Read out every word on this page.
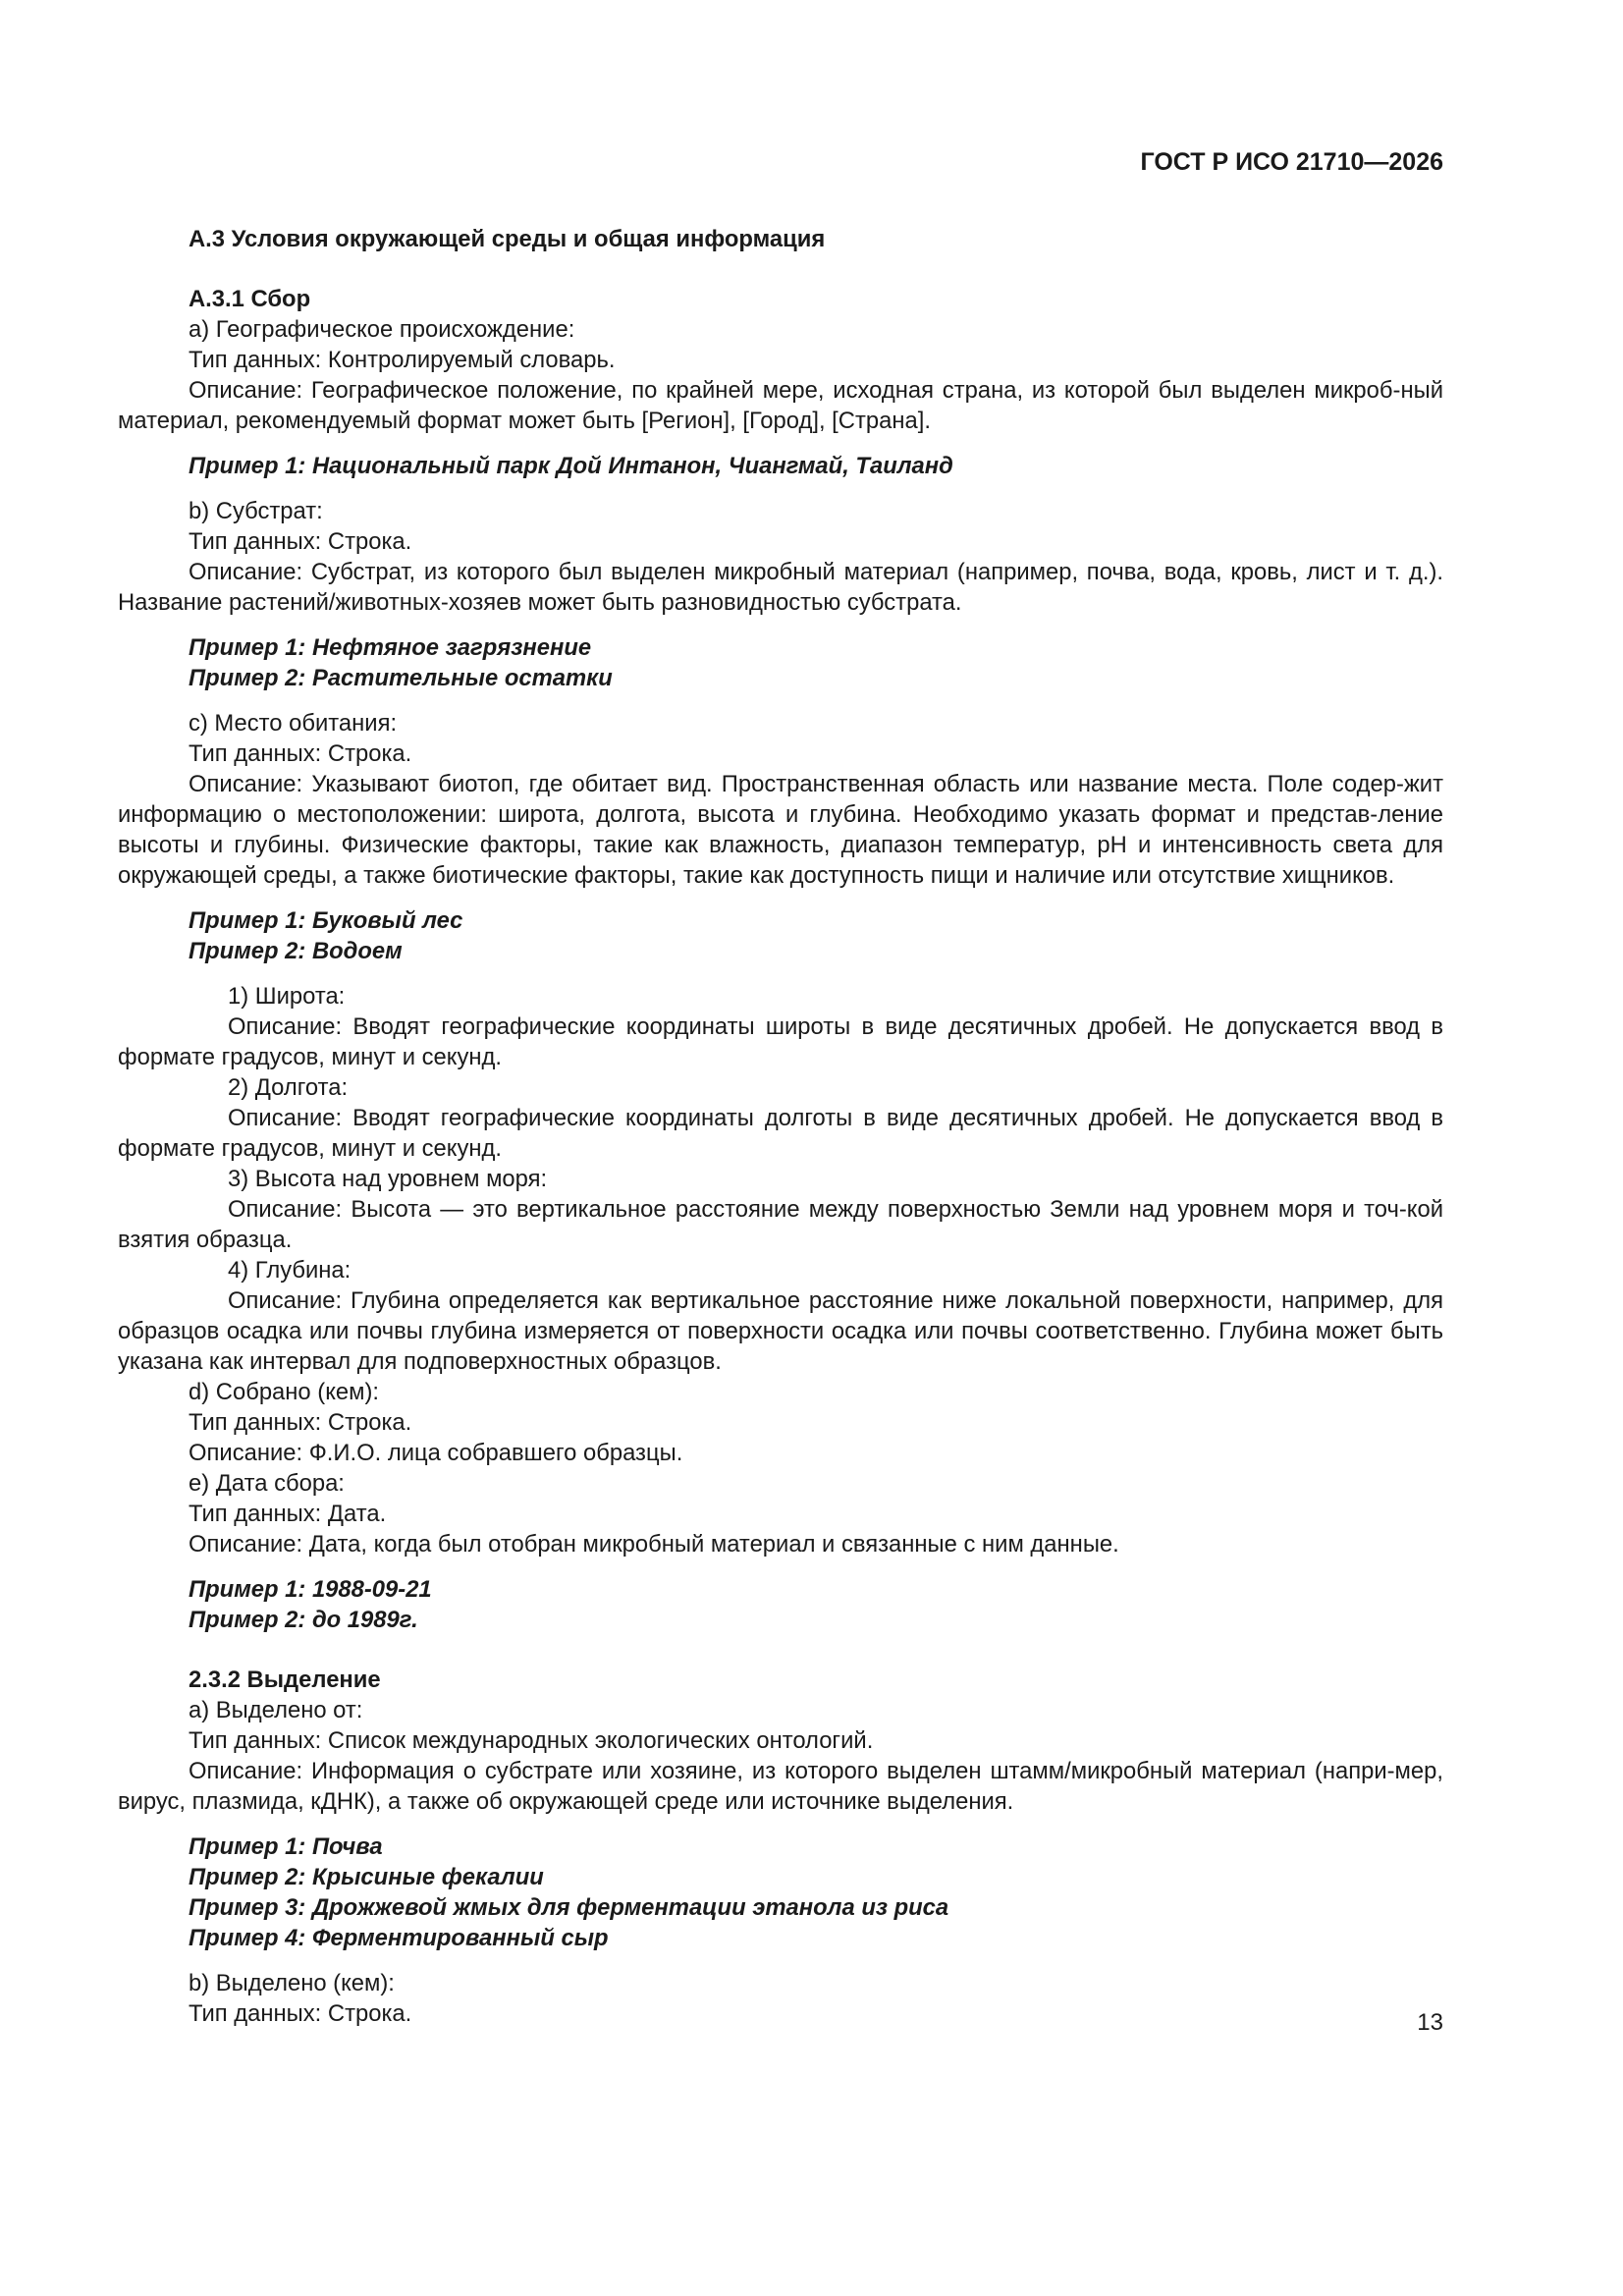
ГОСТ Р ИСО 21710—2026

А.3 Условия окружающей среды и общая информация

А.3.1 Сбор

а) Географическое происхождение:

Тип данных: Контролируемый словарь.

Описание: Географическое положение, по крайней мере, исходная страна, из которой был выделен микроб-ный материал, рекомендуемый формат может быть [Регион], [Город], [Страна].

Пример 1: Национальный парк Дой Интанон, Чиангмай, Таиланд

b) Субстрат:

Тип данных: Строка.

Описание: Субстрат, из которого был выделен микробный материал (например, почва, вода, кровь, лист и т. д.). Название растений/животных-хозяев может быть разновидностью субстрата.

Пример 1: Нефтяное загрязнение

Пример 2: Растительные остатки

с) Место обитания:

Тип данных: Строка.

Описание: Указывают биотоп, где обитает вид. Пространственная область или название места. Поле содер-жит информацию о местоположении: широта, долгота, высота и глубина. Необходимо указать формат и представ-ление высоты и глубины. Физические факторы, такие как влажность, диапазон температур, pH и интенсивность света для окружающей среды, а также биотические факторы, такие как доступность пищи и наличие или отсутствие хищников.

Пример 1: Буковый лес

Пример 2: Водоем

1) Широта:

Описание: Вводят географические координаты широты в виде десятичных дробей. Не допускается ввод в формате градусов, минут и секунд.

2) Долгота:

Описание: Вводят географические координаты долготы в виде десятичных дробей. Не допускается ввод в формате градусов, минут и секунд.

3) Высота над уровнем моря:

Описание: Высота — это вертикальное расстояние между поверхностью Земли над уровнем моря и точ-кой взятия образца.

4) Глубина:

Описание: Глубина определяется как вертикальное расстояние ниже локальной поверхности, например, для образцов осадка или почвы глубина измеряется от поверхности осадка или почвы соответственно. Глубина может быть указана как интервал для подповерхностных образцов.

d) Собрано (кем):

Тип данных: Строка.

Описание: Ф.И.О. лица собравшего образцы.

е) Дата сбора:

Тип данных: Дата.

Описание: Дата, когда был отобран микробный материал и связанные с ним данные.

Пример 1: 1988-09-21

Пример 2: до 1989г.

2.3.2 Выделение

а) Выделено от:

Тип данных: Список международных экологических онтологий.

Описание: Информация о субстрате или хозяине, из которого выделен штамм/микробный материал (напри-мер, вирус, плазмида, кДНК), а также об окружающей среде или источнике выделения.

Пример 1: Почва

Пример 2: Крысиные фекалии

Пример 3: Дрожжевой жмых для ферментации этанола из риса

Пример 4: Ферментированный сыр

b) Выделено (кем):

Тип данных: Строка.	13
